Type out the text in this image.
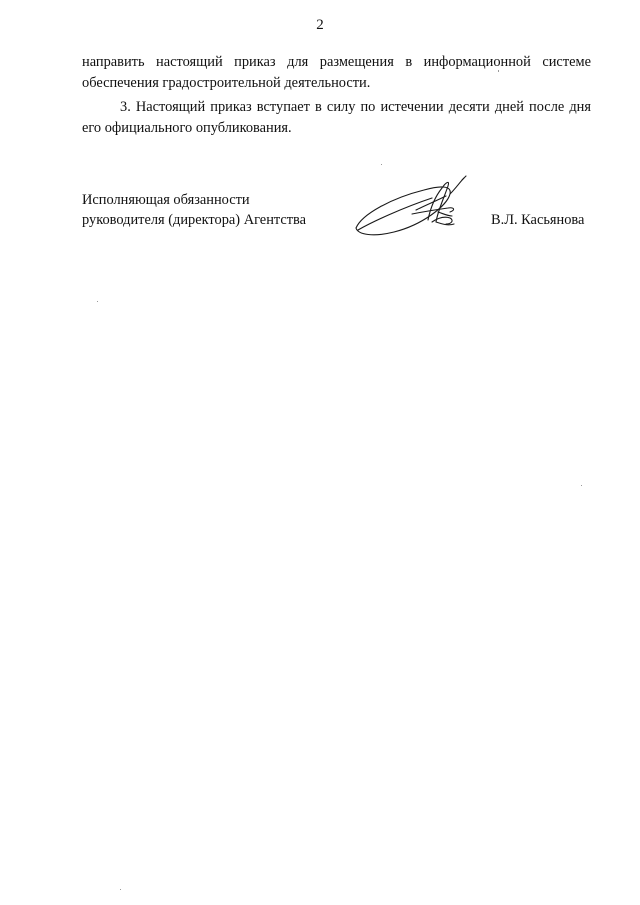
2
направить настоящий приказ для размещения в информационной системе
обеспечения градостроительной деятельности.
3. Настоящий приказ вступает в силу по истечении десяти дней после дня
его официального опубликования.
Исполняющая обязанности
руководителя (директора) Агентства	В.Л. Касьянова
